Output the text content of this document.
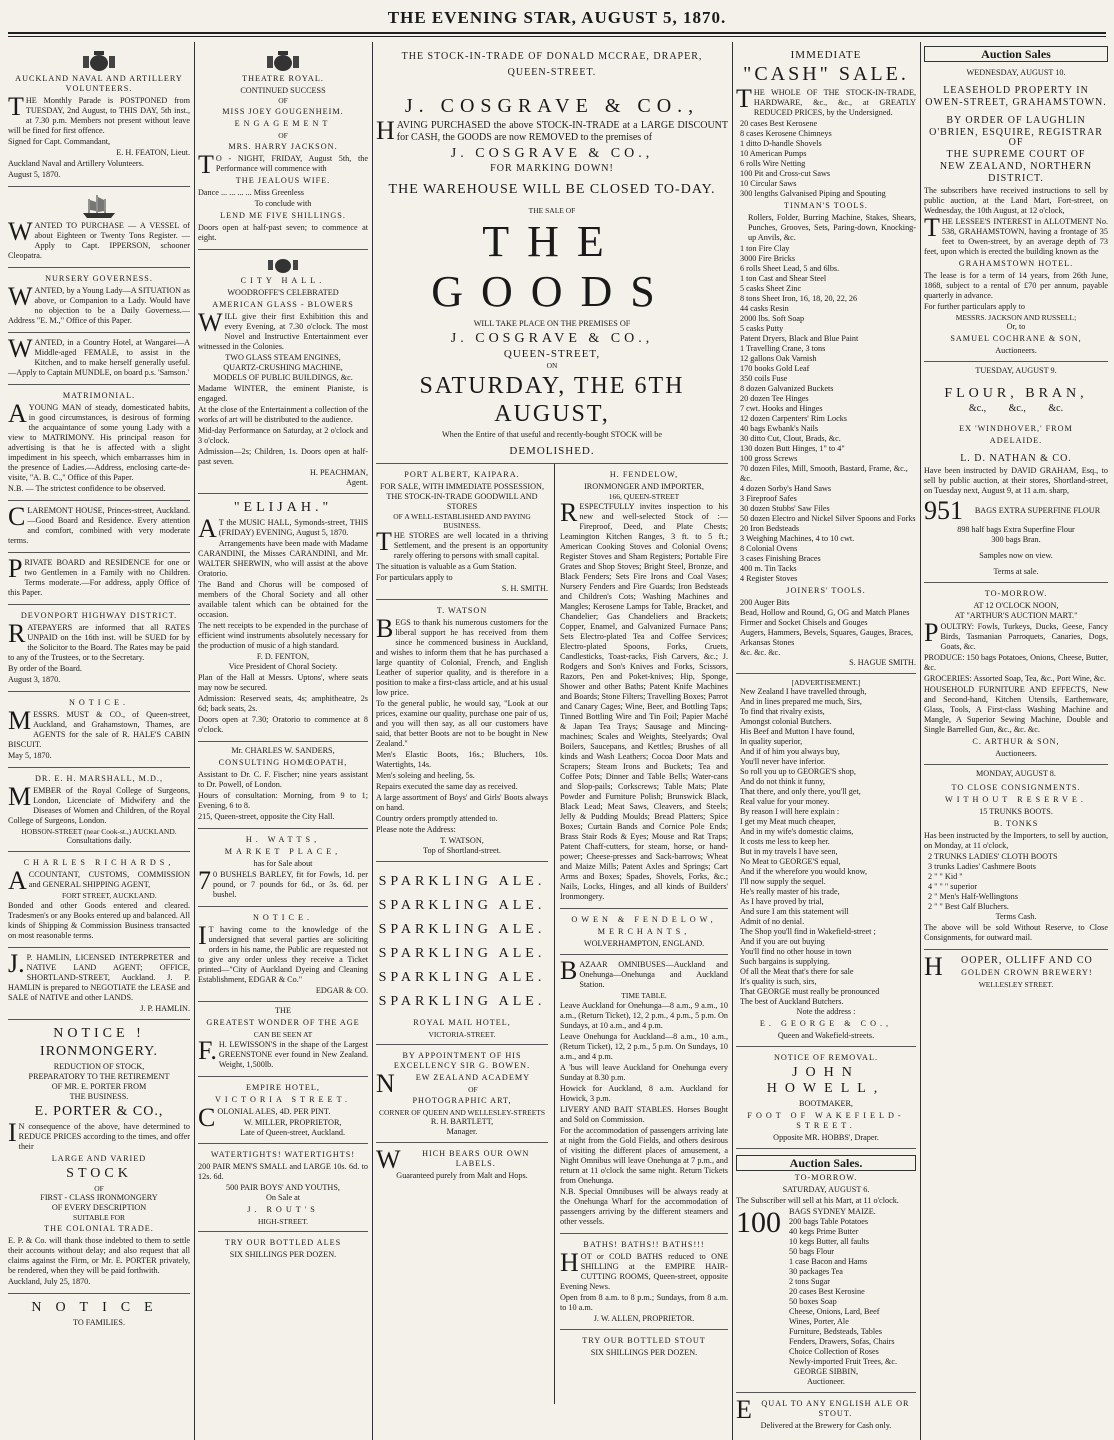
THE EVENING STAR, AUGUST 5, 1870.
AUCKLAND NAVAL AND ARTILLERY VOLUNTEERS.
THE Monthly Parade is POSTPONED from TUESDAY, 2nd August, to THIS DAY, 5th inst., at 7.30 p.m. Members not present without leave will be fined for first offence.
Signed for Capt. Commandant,
E. H. FEATON, Lieut.
Auckland Naval and Artillery Volunteers.
August 5, 1870.
WANTED TO PURCHASE — A VESSEL of about Eighteen or Twenty Tons Register. —Apply to Capt. IPPERSON, schooner Cleopatra.
NURSERY GOVERNESS.
WANTED, by a Young Lady—A SITUATION as above, or Companion to a Lady. Would have no objection to be a Daily Governess.—Address "E. M.," Office of this Paper.
WANTED, in a Country Hotel, at Wangarei—A Middle-aged FEMALE, to assist in the Kitchen, and to make herself generally useful.—Apply to Captain MUNDLE, on board p.s. 'Samson.'
MATRIMONIAL.
AYOUNG MAN of steady, domesticated habits, in good circumstances, is desirous of forming the acquaintance of some young Lady with a view to MATRIMONY. His principal reason for advertising is that he is affected with a slight impediment in his speech, which embarrasses him in the presence of Ladies.—Address, enclosing carte-de-visite, "A. B. C.," Office of this Paper.
N.B. — The strictest confidence to be observed.
CLAREMONT HOUSE, Princes-street, Auckland.—Good Board and Residence. Every attention and comfort, combined with very moderate terms.
PRIVATE BOARD and RESIDENCE for one or two Gentlemen in a Family with no Children. Terms moderate.—For address, apply Office of this Paper.
DEVONPORT HIGHWAY DISTRICT.
RATEPAYERS are informed that all RATES UNPAID on the 16th inst. will be SUED for by the Solicitor to the Board. The Rates may be paid to any of the Trustees, or to the Secretary.
By order of the Board.
August 3, 1870.
NOTICE.
MESSRS. MUST & CO., of Queen-street, Auckland, and Grahamstown, Thames, are AGENTS for the sale of R. HALE'S CABIN BISCUIT.
May 5, 1870.
DR. E. H. MARSHALL, M.D.,
MEMBER of the Royal College of Surgeons, London, Licenciate of Midwifery and the Diseases of Women and Children, of the Royal College of Surgeons, London.
HOBSON-STREET (near Cook-st.,) AUCKLAND.
Consultations daily.
CHARLES RICHARDS,
ACCOUNTANT, CUSTOMS, COMMISSION and GENERAL SHIPPING AGENT,
FORT STREET, AUCKLAND.
Bonded and other Goods entered and cleared. Tradesmen's or any Books entered up and balanced. All kinds of Shipping & Commission Business transacted on most reasonable terms.
J.P. HAMLIN, LICENSED INTERPRETER and NATIVE LAND AGENT; OFFICE, SHORTLAND-STREET, Auckland. J. P. HAMLIN is prepared to NEGOTIATE the LEASE and SALE of NATIVE and other LANDS.
J. P. HAMLIN.
NOTICE !
IRONMONGERY.
REDUCTION OF STOCK,
PREPARATORY TO THE RETIREMENT
OF MR. E. PORTER FROM
THE BUSINESS.
E. PORTER & CO.,
IN consequence of the above, have determined to REDUCE PRICES according to the times, and offer their
LARGE AND VARIED
STOCK
OF
FIRST - CLASS IRONMONGERY
OF EVERY DESCRIPTION
SUITABLE FOR
THE COLONIAL TRADE.
E. P. & Co. will thank those indebted to them to settle their accounts without delay; and also request that all claims against the Firm, or Mr. E. PORTER privately, be rendered, when they will be paid forthwith.
Auckland, July 25, 1870.
NOTICE
TO FAMILIES.
THEATRE ROYAL.
CONTINUED SUCCESS
OF
MISS JOEY GOUGENHEIM.
ENGAGEMENT
OF
MRS. HARRY JACKSON.
TO - NIGHT, FRIDAY, August 5th, the Performance will commence with
THE JEALOUS WIFE.
Dance ... ... ... ... Miss Greenless
To conclude with
LEND ME FIVE SHILLINGS.
Doors open at half-past seven; to commence at eight.
CITY HALL.
WOODROFFE'S CELEBRATED
AMERICAN GLASS - BLOWERS
WILL give their first Exhibition this and every Evening, at 7.30 o'clock. The most Novel and Instructive Entertainment ever witnessed in the Colonies.
TWO GLASS STEAM ENGINES,
QUARTZ-CRUSHING MACHINE,
MODELS OF PUBLIC BUILDINGS, &c.
Madame WINTER, the eminent Pianiste, is engaged.
At the close of the Entertainment a collection of the works of art will be distributed to the audience.
Mid-day Performance on Saturday, at 2 o'clock and 3 o'clock.
Admission—2s; Children, 1s. Doors open at half-past seven.
H. PEACHMAN,
Agent.
"ELIJAH."
AT the MUSIC HALL, Symonds-street, THIS (FRIDAY) EVENING, August 5, 1870.
Arrangements have been made with Madame CARANDINI, the Misses CARANDINI, and Mr. WALTER SHERWIN, who will assist at the above Oratorio.
The Band and Chorus will be composed of members of the Choral Society and all other available talent which can be obtained for the occasion.
The nett receipts to be expended in the purchase of efficient wind instruments absolutely necessary for the production of music of a high standard.
F. D. FENTON,
Vice President of Choral Society.
Plan of the Hall at Messrs. Uptons', where seats may now be secured.
Admission: Reserved seats, 4s; amphitheatre, 2s 6d; back seats, 2s.
Doors open at 7.30; Oratorio to commence at 8 o'clock.
Mr. CHARLES W. SANDERS,
CONSULTING HOMŒOPATH,
Assistant to Dr. C. F. Fischer; nine years assistant to Dr. Powell, of London.
Hours of consultation: Morning, from 9 to 1; Evening, 6 to 8.
215, Queen-street, opposite the City Hall.
H. WATTS,
MARKET PLACE,
has for Sale about
70 BUSHELS BARLEY, fit for Fowls, 1d. per pound, or 7 pounds for 6d., or 3s. 6d. per bushel.
NOTICE.
IT having come to the knowledge of the undersigned that several parties are soliciting orders in his name, the Public are requested not to give any order unless they receive a Ticket printed—"City of Auckland Dyeing and Cleaning Establishment, EDGAR & Co."
EDGAR & CO.
THE
GREATEST WONDER OF THE AGE
CAN BE SEEN AT
F.H. LEWISSON'S in the shape of the Largest GREENSTONE ever found in New Zealand. Weight, 1,500lb.
EMPIRE HOTEL,
VICTORIA STREET.
COLONIAL ALES, 4D. PER PINT.
W. MILLER, PROPRIETOR,
Late of Queen-street, Auckland.
WATERTIGHTS! WATERTIGHTS!
200 PAIR MEN'S SMALL and LARGE 10s. 6d. to 12s. 6d.
500 PAIR BOYS' AND YOUTHS,
On Sale at
J. ROUT'S
HIGH-STREET.
TRY OUR BOTTLED ALES
SIX SHILLINGS PER DOZEN.
THE STOCK-IN-TRADE OF DONALD MCCRAE, DRAPER,
QUEEN-STREET.
J. COSGRAVE & CO.,
HAVING PURCHASED the above STOCK-IN-TRADE at a LARGE DISCOUNT for CASH, the GOODS are now REMOVED to the premises of
J. COSGRAVE & CO.,
FOR MARKING DOWN!
THE WAREHOUSE WILL BE CLOSED TO-DAY.
THE SALE OF
THE GOODS
WILL TAKE PLACE ON THE PREMISES OF
J. COSGRAVE & CO.,
QUEEN-STREET,
ON
SATURDAY, THE 6TH AUGUST,
When the Entire of that useful and recently-bought STOCK will be
DEMOLISHED.
PORT ALBERT, KAIPARA.
FOR SALE, WITH IMMEDIATE POSSESSION,
THE STOCK-IN-TRADE GOODWILL AND STORES
OF A WELL-ESTABLISHED AND PAYING BUSINESS.
THE STORES are well located in a thriving Settlement, and the present is an opportunity rarely offering to persons with small capital.
The situation is valuable as a Gum Station.
For particulars apply to
S. H. SMITH.
T. WATSON
BEGS to thank his numerous customers for the liberal support he has received from them since he commenced business in Auckland, and wishes to inform them that he has purchased a large quantity of Colonial, French, and English Leather of superior quality, and is therefore in a position to make a first-class article, and at his usual low price.
To the general public, he would say, "Look at our prices, examine our quality, purchase one pair of us, and you will then say, as all our customers have said, that better Boots are not to be bought in New Zealand."
Men's Elastic Boots, 16s.; Bluchers, 10s. Watertights, 14s.
Men's soleing and heeling, 5s.
Repairs executed the same day as received.
A large assortment of Boys' and Girls' Boots always on hand.
Country orders promptly attended to.
Please note the Address:
T. WATSON,
Top of Shortland-street.
SPARKLING ALE.
SPARKLING ALE.
SPARKLING ALE.
SPARKLING ALE.
SPARKLING ALE.
SPARKLING ALE.
ROYAL MAIL HOTEL,
VICTORIA-STREET.
BY APPOINTMENT OF HIS EXCELLENCY SIR G. BOWEN.
NEW ZEALAND ACADEMY
OF
PHOTOGRAPHIC ART,
CORNER OF QUEEN AND WELLESLEY-STREETS
R. H. BARTLETT,
Manager.
WHICH BEARS OUR OWN LABELS.
Guaranteed purely from Malt and Hops.
H. FENDELOW,
IRONMONGER AND IMPORTER,
166, QUEEN-STREET
RESPECTFULLY invites inspection to his new and well-selected Stock of :— Fireproof, Deed, and Plate Chests; Leamington Kitchen Ranges, 3 ft. to 5 ft.; American Cooking Stoves and Colonial Ovens; Register Stoves and Sham Registers; Portable Fire Grates and Shop Stoves; Bright Steel, Bronze, and Black Fenders; Sets Fire Irons and Coal Vases; Nursery Fenders and Fire Guards; Iron Bedsteads and Children's Cots; Washing Machines and Mangles; Kerosene Lamps for Table, Bracket, and Chandelier; Gas Chandeliers and Brackets; Copper, Enamel, and Galvanized Furnace Pans; Sets Electro-plated Tea and Coffee Services; Electro-plated Spoons, Forks, Cruets, Candlesticks, Toast-racks, Fish Carvers, &c.; J. Rodgers and Son's Knives and Forks, Scissors, Razors, Pen and Poket-knives; Hip, Sponge, Shower and other Baths; Patent Knife Machines and Boards; Stone Filters; Travelling Boxes; Parrot and Canary Cages; Wine, Beer, and Bottling Taps; Tinned Bottling Wire and Tin Foil; Papier Maché & Japan Tea Trays; Sausage and Mincing-machines; Scales and Weights, Steelyards; Oval Boilers, Saucepans, and Kettles; Brushes of all kinds and Wash Leathers; Cocoa Door Mats and Scrapers; Steam Irons and Buckets; Tea and Coffee Pots; Dinner and Table Bells; Water-cans and Slop-pails; Corkscrews; Table Mats; Plate Powder and Furniture Polish; Brunswick Black, Black Lead; Meat Saws, Cleavers, and Steels; Jelly & Pudding Moulds; Bread Platters; Spice Boxes; Curtain Bands and Cornice Pole Ends; Brass Stair Rods & Eyes; Mouse and Rat Traps; Patent Chaff-cutters, for steam, horse, or hand-power; Cheese-presses and Sack-barrows; Wheat and Maize Mills; Patent Axles and Springs; Cart Arms and Boxes; Spades, Shovels, Forks, &c.; Nails, Locks, Hinges, and all kinds of Builders' Ironmongery.
OWEN & FENDELOW,
MERCHANTS,
WOLVERHAMPTON, ENGLAND.
BAZAAR OMNIBUSES—Auckland and Onehunga—Onehunga and Auckland Station.
TIME TABLE.
Leave Auckland for Onehunga—8 a.m., 9 a.m., 10 a.m., (Return Ticket), 12, 2 p.m., 4 p.m., 5 p.m. On Sundays, at 10 a.m., and 4 p.m.
Leave Onehunga for Auckland—8 a.m., 10 a.m., (Return Ticket), 12, 2 p.m., 5 p.m. On Sundays, 10 a.m., and 4 p.m.
A 'bus will leave Auckland for Onehunga every Sunday at 8.30 p.m.
Howick for Auckland, 8 a.m. Auckland for Howick, 3 p.m.
LIVERY AND BAIT STABLES. Horses Bought and Sold on Commission.
For the accommodation of passengers arriving late at night from the Gold Fields, and others desirous of visiting the different places of amusement, a Night Omnibus will leave Onehunga at 7 p.m., and return at 11 o'clock the same night. Return Tickets from Onehunga.
N.B. Special Omnibuses will be always ready at the Onehunga Wharf for the accommodation of passengers arriving by the different steamers and other vessels.
BATHS! BATHS!! BATHS!!!
HOT or COLD BATHS reduced to ONE SHILLING at the EMPIRE HAIR-CUTTING ROOMS, Queen-street, opposite Evening News.
Open from 8 a.m. to 8 p.m.; Sundays, from 8 a.m. to 10 a.m.
J. W. ALLEN, PROPRIETOR.
TRY OUR BOTTLED STOUT
SIX SHILLINGS PER DOZEN.
IMMEDIATE
"CASH" SALE.
THE WHOLE OF THE STOCK-IN-TRADE, HARDWARE, &c., &c., at GREATLY REDUCED PRICES, by the Undersigned.
20 cases Best Kerosene
8 cases Kerosene Chimneys
1 ditto D-handle Shovels
10 American Pumps
6 rolls Wire Netting
100 Pit and Cross-cut Saws
10 Circular Saws
300 lengths Galvanised Piping and Spouting
TINMAN'S TOOLS.
Rollers, Folder, Burring Machine, Stakes, Shears, Punches, Grooves, Sets, Paring-down, Knocking-up Anvils, &c.
1 ton Fire Clay
3000 Fire Bricks
6 rolls Sheet Lead, 5 and 6lbs.
1 ton Cast and Shear Steel
5 casks Sheet Zinc
8 tons Sheet Iron, 16, 18, 20, 22, 26
44 casks Resin
2000 lbs. Soft Soap
5 casks Putty
Patent Dryers, Black and Blue Paint
1 Travelling Crane, 3 tons
12 gallons Oak Varnish
170 books Gold Leaf
350 coils Fuse
8 dozen Galvanized Buckets
20 dozen Tee Hinges
7 cwt. Hooks and Hinges
12 dozen Carpenters' Rim Locks
40 bags Ewbank's Nails
30 ditto Cut, Clout, Brads, &c.
130 dozen Butt Hinges, 1" to 4"
100 gross Screws
70 dozen Files, Mill, Smooth, Bastard, Frame, &c., &c.
4 dozen Sorby's Hand Saws
3 Fireproof Safes
30 dozen Stubbs' Saw Files
50 dozen Electro and Nickel Silver Spoons and Forks
20 Iron Bedsteads
3 Weighing Machines, 4 to 10 cwt.
8 Colonial Ovens
3 cases Finishing Braces
400 m. Tin Tacks
4 Register Stoves
JOINERS' TOOLS.
200 Auger Bits
Bead, Hollow and Round, G, OG and Match Planes
Firmer and Socket Chisels and Gouges
Augers, Hammers, Bevels, Squares, Gauges, Braces, Arkansas Stones
&c. &c. &c.
S. HAGUE SMITH.
[ADVERTISEMENT.]
New Zealand I have travelled through,
And in lines prepared me much, Sirs,
To find that rivalry exists,
Amongst colonial Butchers.
His Beef and Mutton I have found,
In quality superior,
And if of him you always buy,
You'll never have inferior.
So roll you up to GEORGE'S shop,
And do not think it funny,
That there, and only there, you'll get,
Real value for your money.
By reason I will here explain :
I get my Meat much cheaper,
And in my wife's domestic claims,
It costs me less to keep her.
But in my travels I have seen,
No Meat to GEORGE'S equal,
And if the wherefore you would know,
I'll now supply the sequel.
He's really master of his trade,
As I have proved by trial,
And sure I am this statement will
Admit of no denial.
The Shop you'll find in Wakefield-street ;
And if you are out buying
You'll find no other house in town
Such bargains is supplying.
Of all the Meat that's there for sale
It's quality is such, sirs,
That GEORGE must really be pronounced
The best of Auckland Butchers.
Note the address :
E. GEORGE & CO.,
Queen and Wakefield-streets.
NOTICE OF REMOVAL.
JOHN HOWELL,
BOOTMAKER,
FOOT OF WAKEFIELD-STREET.
Opposite MR. HOBBS', Draper.
Auction Sales.
TO-MORROW.
SATURDAY, AUGUST 6.
The Subscriber will sell at his Mart, at 11 o'clock.
100 BAGS SYDNEY MAIZE.
200 bags Table Potatoes
40 kegs Prime Butter
10 kegs Butter, all faults
50 bags Flour
1 case Bacon and Hams
30 packages Tea
2 tons Sugar
20 cases Best Kerosine
50 boxes Soap
Cheese, Onions, Lard, Beef
Wines, Porter, Ale
Furniture, Bedsteads, Tables
Fenders, Drawers, Sofas, Chairs
Choice Collection of Roses
Newly-imported Fruit Trees, &c.
GEORGE SIBBIN,
Auctioneer.
EQUAL TO ANY ENGLISH ALE OR STOUT.
Delivered at the Brewery for Cash only.
Auction Sales
WEDNESDAY, AUGUST 10.
LEASEHOLD PROPERTY IN
OWEN-STREET, GRAHAMSTOWN.
BY ORDER OF LAUGHLIN
O'BRIEN, ESQUIRE, REGISTRAR OF
THE SUPREME COURT OF
NEW ZEALAND, NORTHERN
DISTRICT.
The subscribers have received instructions to sell by public auction, at the Land Mart, Fort-street, on Wednesday, the 10th August, at 12 o'clock,
THE LESSEE'S INTEREST in ALLOTMENT No. 538, GRAHAMSTOWN, having a frontage of 35 feet to Owen-street, by an average depth of 73 feet, upon which is erected the building known as the
GRAHAMSTOWN HOTEL.
The lease is for a term of 14 years, from 26th June, 1868, subject to a rental of £70 per annum, payable quarterly in advance.
For further particulars apply to
MESSRS. JACKSON AND RUSSELL;
Or, to
SAMUEL COCHRANE & SON,
Auctioneers.
TUESDAY, AUGUST 9.
FLOUR, BRAN,
&c., &c., &c.
EX 'WINDHOVER,' FROM
ADELAIDE.
L. D. NATHAN & CO.
Have been instructed by DAVID GRAHAM, Esq., to sell by public auction, at their stores, Shortland-street, on Tuesday next, August 9, at 11 a.m. sharp,
951	BAGS EXTRA SUPERFINE FLOUR
898 half bags Extra Superfine Flour
300 bags Bran.
Samples now on view.
Terms at sale.
TO-MORROW.
AT 12 O'CLOCK NOON,
AT "ARTHUR'S AUCTION MART."
POULTRY: Fowls, Turkeys, Ducks, Geese, Fancy Birds, Tasmanian Parroquets, Canaries, Dogs, Goats, &c.
PRODUCE: 150 bags Potatoes, Onions, Cheese, Butter, &c.
GROCERIES: Assorted Soap, Tea, &c., Port Wine, &c.
HOUSEHOLD FURNITURE AND EFFECTS, New and Second-hand, Kitchen Utensils, Earthenware, Glass, Tools, A First-class Washing Machine and Mangle, A Superior Sewing Machine, Double and Single Barrelled Gun, &c., &c. &c.
C. ARTHUR & SON,
Auctioneers.
MONDAY, AUGUST 8.
TO CLOSE CONSIGNMENTS.
WITHOUT RESERVE.
15 TRUNKS BOOTS.
B. TONKS
Has been instructed by the Importers, to sell by auction, on Monday, at 11 o'clock,
2 TRUNKS LADIES' CLOTH BOOTS
3 trunks Ladies' Cashmere Boots
2 " " Kid "
4 " " " superior
2 " Men's Half-Wellingtons
2 " " Best Calf Bluchers.
Terms Cash.
The above will be sold Without Reserve, to Close Consignments, for outward mail.
HOOPER, OLLIFF AND CO
GOLDEN CROWN BREWERY!
WELLESLEY STREET.
